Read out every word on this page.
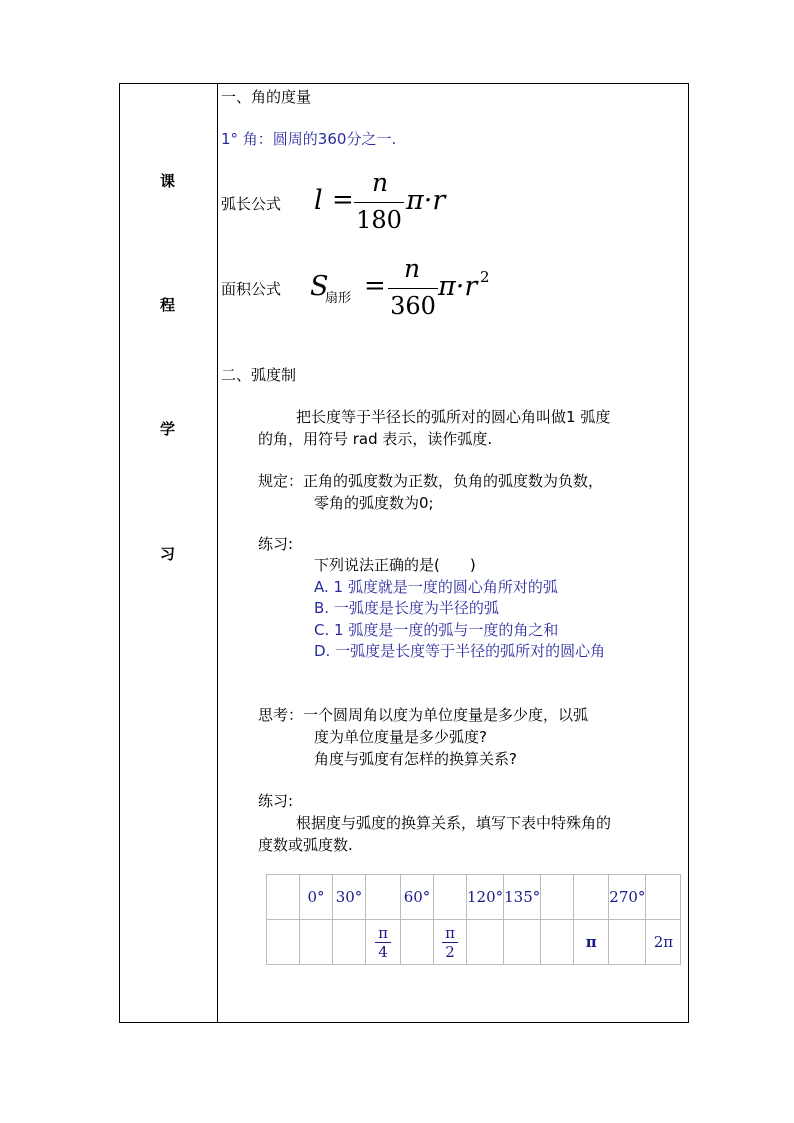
课
程
学
习
一、角的度量
1° 角：圆周的360分之一.
弧长公式 l =
n
180
π·r
面积公式 S
扇形 =
n
360
π·r 2
二、弧度制
把长度等于半径长的弧所对的圆心角叫做1 弧度
的角，用符号 rad 表示，读作弧度.
规定：正角的弧度数为正数，负角的弧度数为负数，
零角的弧度数为0;
练习:
下列说法正确的是(　　)
A. 1 弧度就是一度的圆心角所对的弧
B. 一弧度是长度为半径的弧
C. 1 弧度是一度的弧与一度的角之和
D. 一弧度是长度等于半径的弧所对的圆心角
思考：一个圆周角以度为单位度量是多少度，以弧
度为单位度量是多少弧度?
角度与弧度有怎样的换算关系?
练习:
根据度与弧度的换算关系，填写下表中特殊角的
度数或弧度数.
	0°	30°		60°		120°	135°			270°	

			$\frac{\pi}{4}$		$\frac{\pi}{2}$				π		2π
